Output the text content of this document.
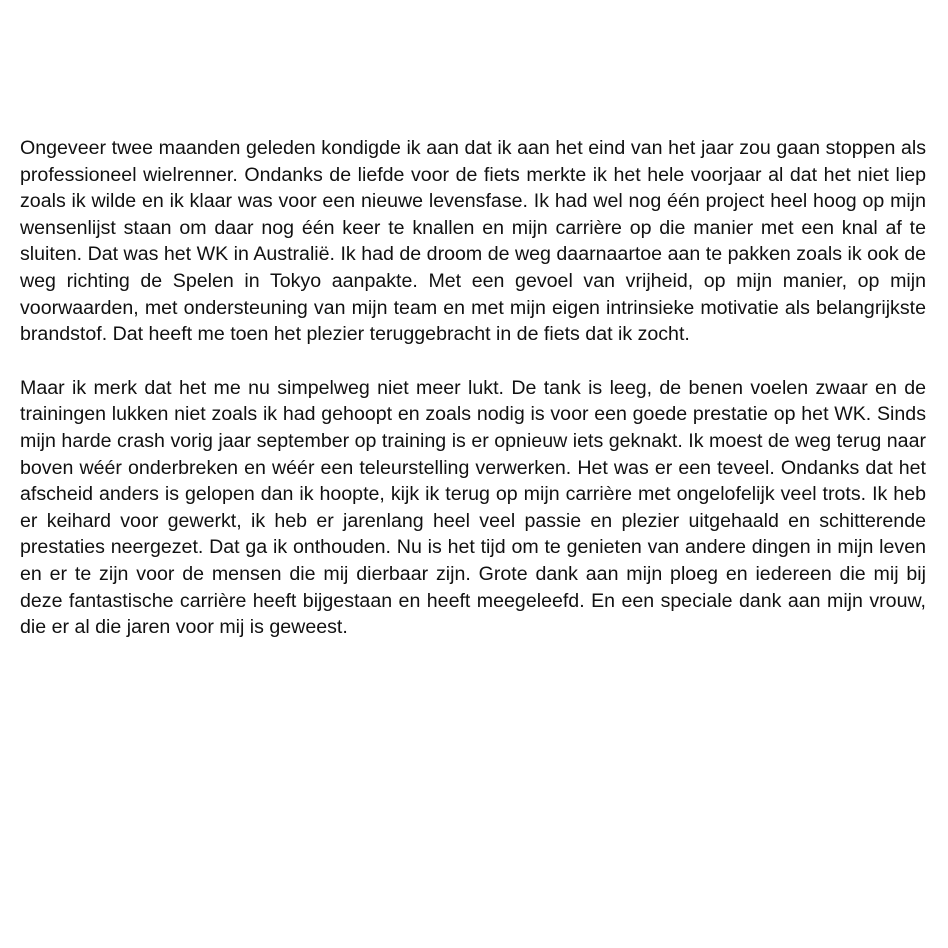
Ongeveer twee maanden geleden kondigde ik aan dat ik aan het eind van het jaar zou gaan stoppen als professioneel wielrenner. Ondanks de liefde voor de fiets merkte ik het hele voorjaar al dat het niet liep zoals ik wilde en ik klaar was voor een nieuwe levensfase. Ik had wel nog één project heel hoog op mijn wensenlijst staan om daar nog één keer te knallen en mijn carrière op die manier met een knal af te sluiten. Dat was het WK in Australië. Ik had de droom de weg daarnaartoe aan te pakken zoals ik ook de weg richting de Spelen in Tokyo aanpakte. Met een gevoel van vrijheid, op mijn manier, op mijn voorwaarden, met ondersteuning van mijn team en met mijn eigen intrinsieke motivatie als belangrijkste brandstof. Dat heeft me toen het plezier teruggebracht in de fiets dat ik zocht.

Maar ik merk dat het me nu simpelweg niet meer lukt. De tank is leeg, de benen voelen zwaar en de trainingen lukken niet zoals ik had gehoopt en zoals nodig is voor een goede prestatie op het WK. Sinds mijn harde crash vorig jaar september op training is er opnieuw iets geknakt. Ik moest de weg terug naar boven wéér onderbreken en wéér een teleurstelling verwerken. Het was er een teveel. Ondanks dat het afscheid anders is gelopen dan ik hoopte, kijk ik terug op mijn carrière met ongelofelijk veel trots. Ik heb er keihard voor gewerkt, ik heb er jarenlang heel veel passie en plezier uitgehaald en schitterende prestaties neergezet. Dat ga ik onthouden. Nu is het tijd om te genieten van andere dingen in mijn leven en er te zijn voor de mensen die mij dierbaar zijn. Grote dank aan mijn ploeg en iedereen die mij bij deze fantastische carrière heeft bijgestaan en heeft meegeleefd. En een speciale dank aan mijn vrouw, die er al die jaren voor mij is geweest.
